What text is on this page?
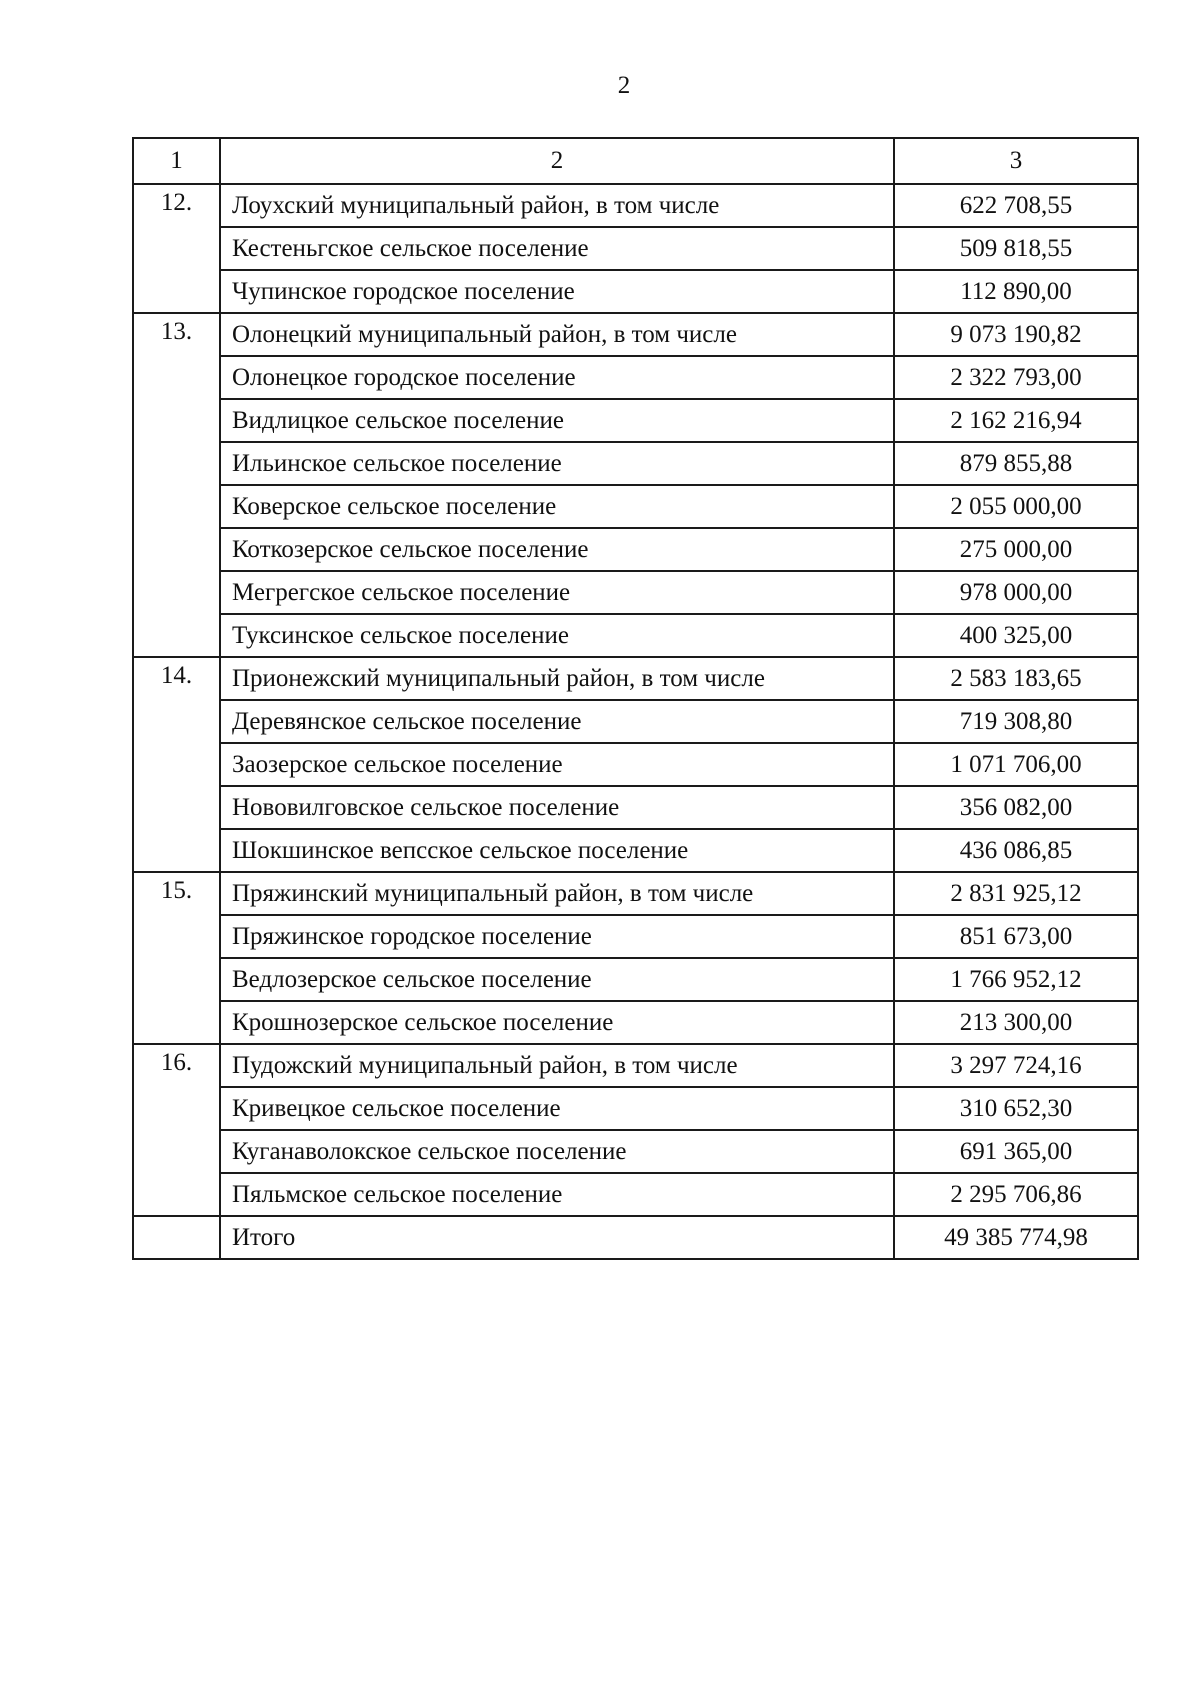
2
1	2	3

12.	Лоухский муниципальный район, в том числе	622 708,55
	Кестеньгское сельское поселение	509 818,55
	Чупинское городское поселение	112 890,00

13.	Олонецкий муниципальный район, в том числе	9 073 190,82
	Олонецкое городское поселение	2 322 793,00
	Видлицкое сельское поселение	2 162 216,94
	Ильинское сельское поселение	879 855,88
	Коверское сельское поселение	2 055 000,00
	Коткозерское сельское поселение	275 000,00
	Мегрегское сельское поселение	978 000,00
	Туксинское сельское поселение	400 325,00

14.	Прионежский муниципальный район, в том числе	2 583 183,65
	Деревянское сельское поселение	719 308,80
	Заозерское сельское поселение	1 071 706,00
	Нововилговское сельское поселение	356 082,00
	Шокшинское вепсское сельское поселение	436 086,85

15.	Пряжинский муниципальный район, в том числе	2 831 925,12
	Пряжинское городское поселение	851 673,00
	Ведлозерское сельское поселение	1 766 952,12
	Крошнозерское сельское поселение	213 300,00

16.	Пудожский муниципальный район, в том числе	3 297 724,16
	Кривецкое сельское поселение	310 652,30
	Куганаволокское сельское поселение	691 365,00
	Пяльмское сельское поселение	2 295 706,86
	Итого	49 385 774,98
